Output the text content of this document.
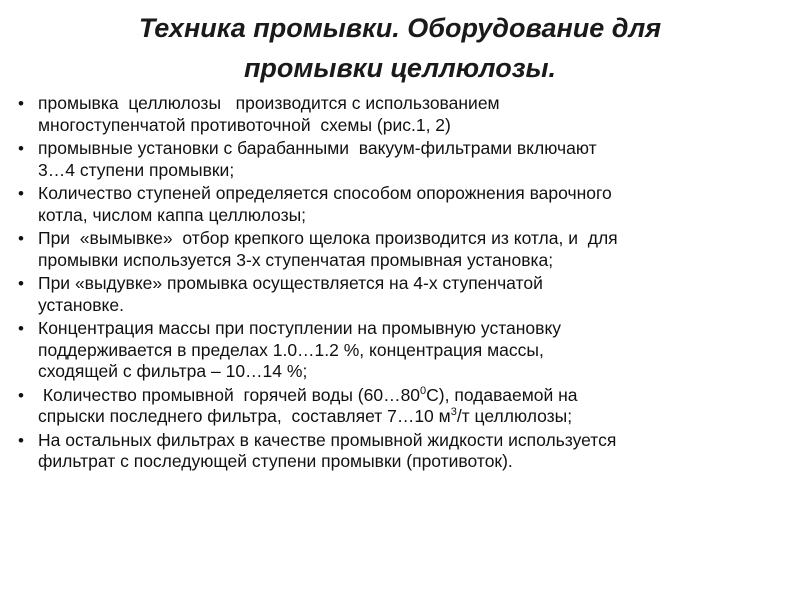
Техника промывки. Оборудование для
промывки целлюлозы.
• промывка  целлюлозы   производится с использованием
многоступенчатой противоточной  схемы (рис.1, 2)
• промывные установки с барабанными  вакуум-фильтрами включают
3…4 ступени промывки;
• Количество ступеней определяется способом опорожнения варочного
котла, числом каппа целлюлозы;
• При  «вымывке»  отбор крепкого щелока производится из котла, и  для
промывки используется 3-х ступенчатая промывная установка;
• При «выдувке» промывка осуществляется на 4-х ступенчатой
установке.
• Концентрация массы при поступлении на промывную установку
поддерживается в пределах 1.0…1.2 %, концентрация массы,
сходящей с фильтра – 10…14 %;
• Количество промывной  горячей воды $(60\dots 80^0С)$, подаваемой на
спрыски последнего фильтра,  составляет 7…10 $м^3/т$ целлюлозы;
• На остальных фильтрах в качестве промывной жидкости используется
фильтрат с последующей ступени промывки (противоток).
